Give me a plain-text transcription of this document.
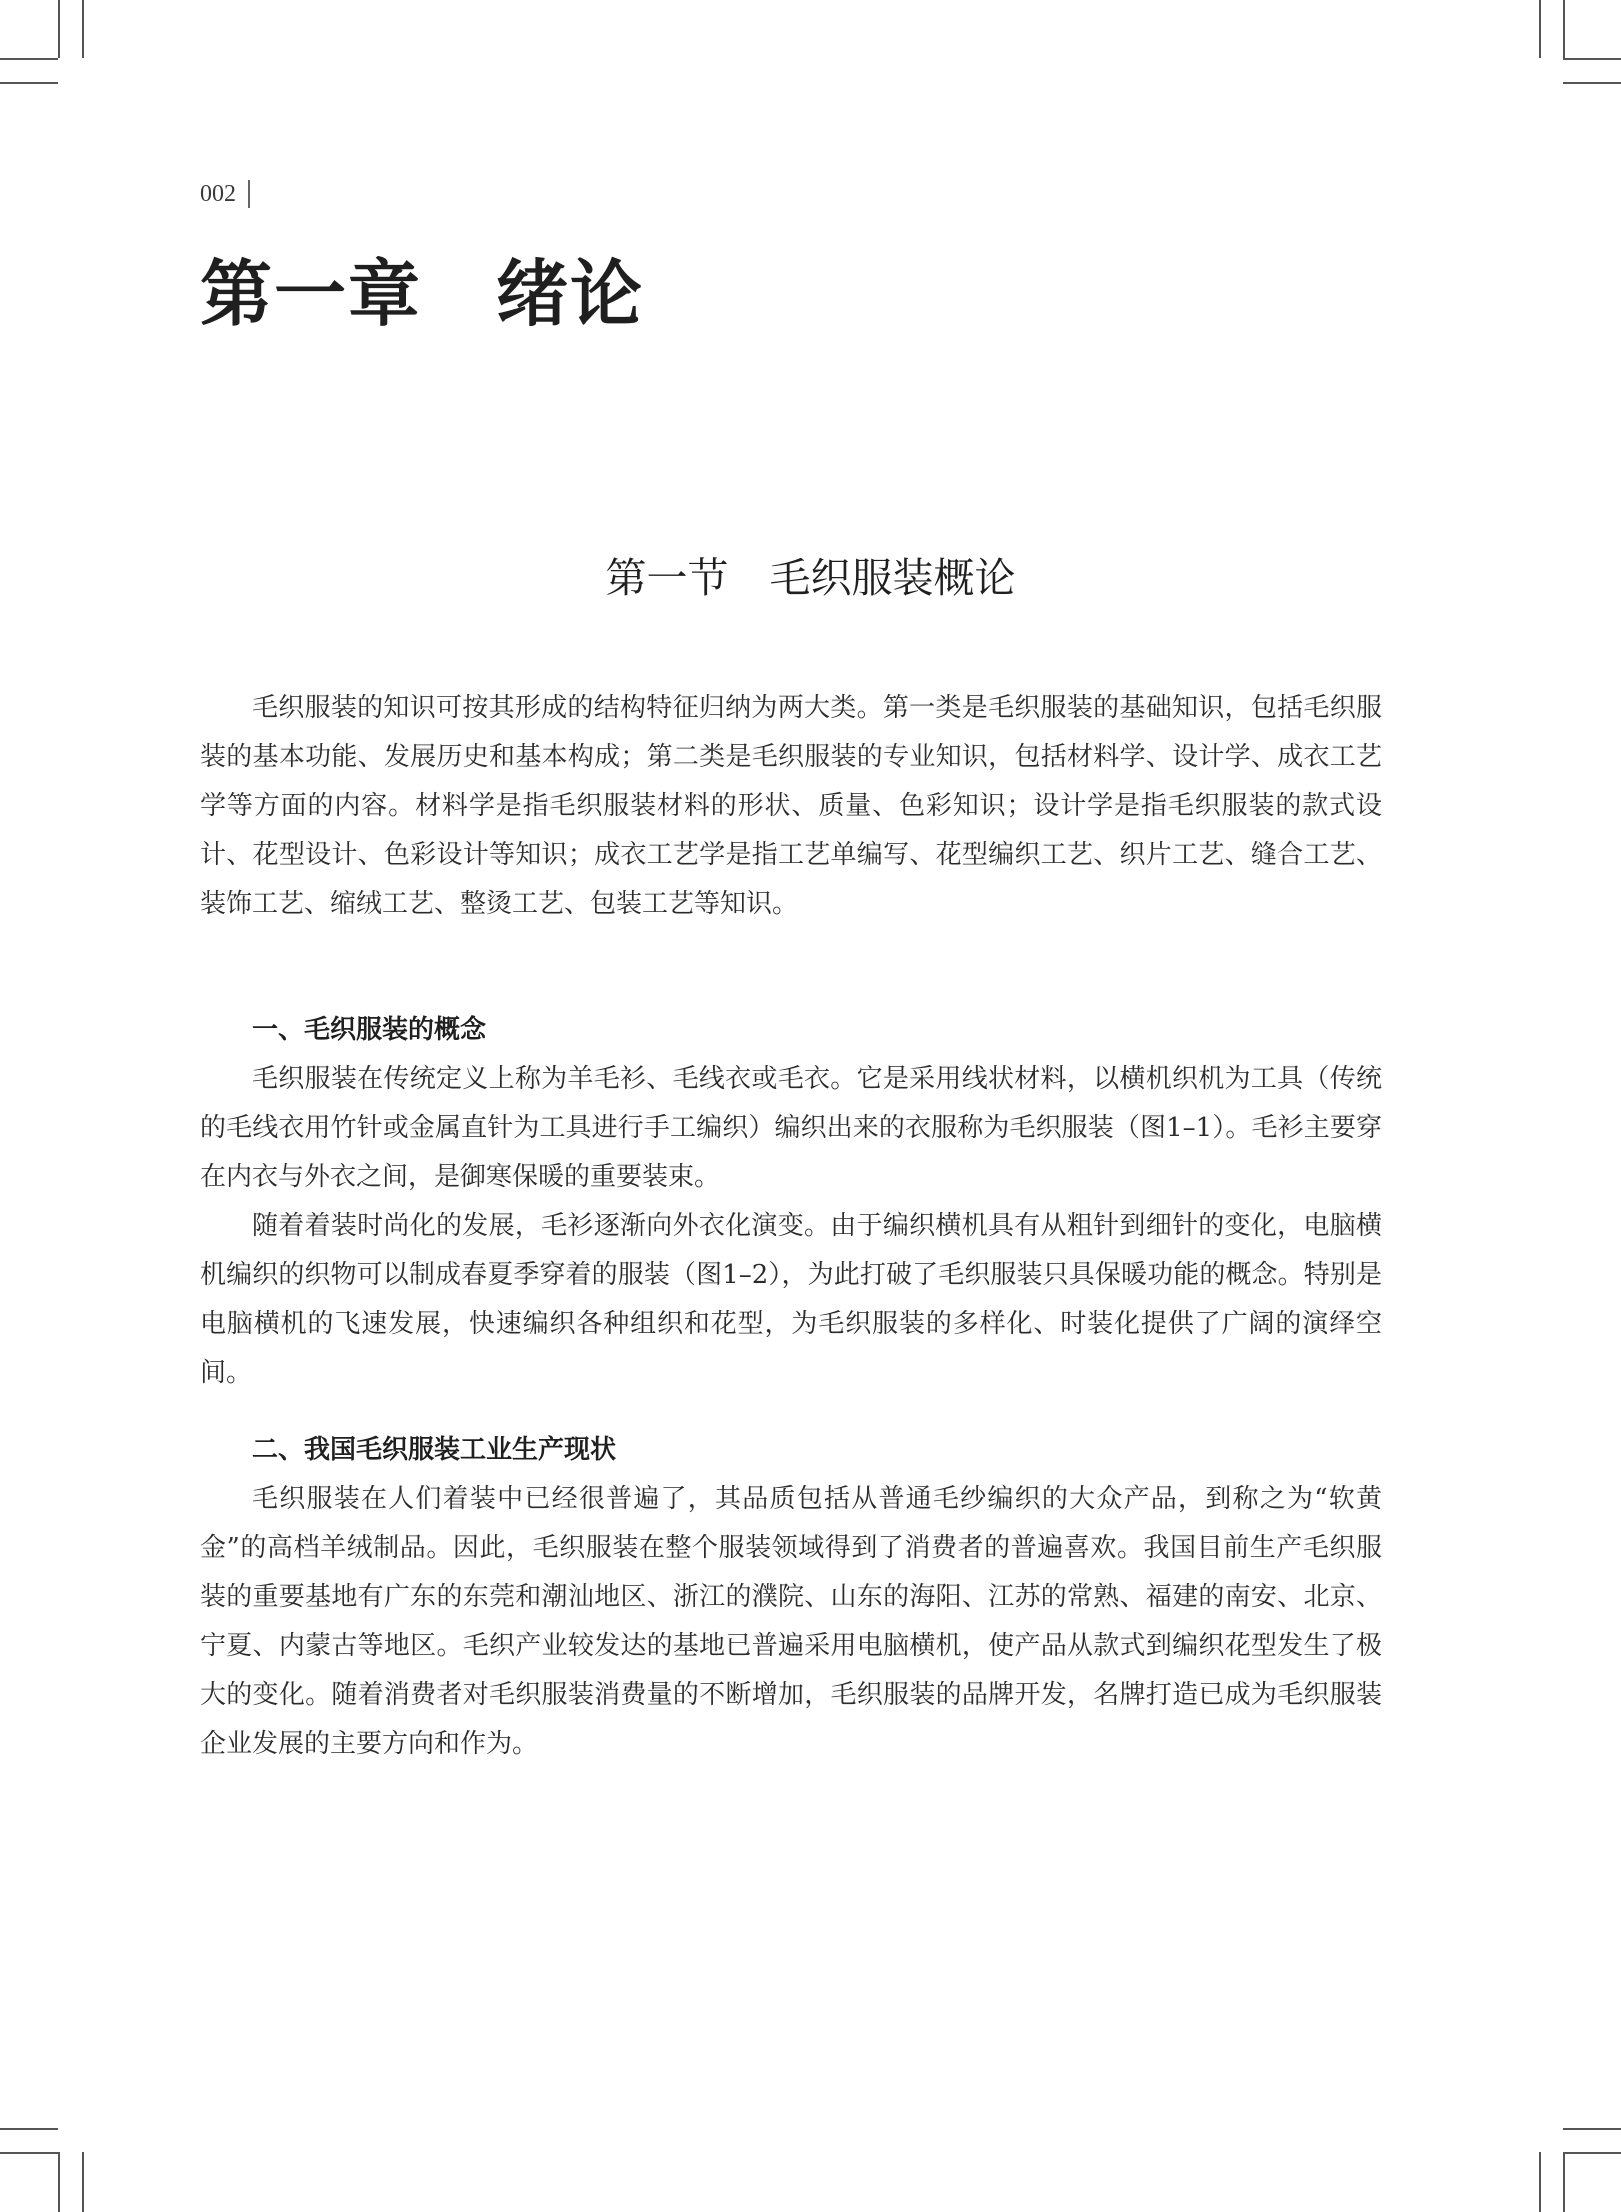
002
第一章　绪论
第一节　毛织服装概论

毛织服装的知识可按其形成的结构特征归纳为两大类。第一类是毛织服装的基础知识，包括毛织服装的基本功能、发展历史和基本构成；第二类是毛织服装的专业知识，包括材料学、设计学、成衣工艺学等方面的内容。材料学是指毛织服装材料的形状、质量、色彩知识；设计学是指毛织服装的款式设计、花型设计、色彩设计等知识；成衣工艺学是指工艺单编写、花型编织工艺、织片工艺、缝合工艺、装饰工艺、缩绒工艺、整烫工艺、包装工艺等知识。

一、毛织服装的概念

毛织服装在传统定义上称为羊毛衫、毛线衣或毛衣。它是采用线状材料，以横机织机为工具（传统的毛线衣用竹针或金属直针为工具进行手工编织）编织出来的衣服称为毛织服装（图1–1）。毛衫主要穿在内衣与外衣之间，是御寒保暖的重要装束。

随着着装时尚化的发展，毛衫逐渐向外衣化演变。由于编织横机具有从粗针到细针的变化，电脑横机编织的织物可以制成春夏季穿着的服装（图1–2），为此打破了毛织服装只具保暖功能的概念。特别是电脑横机的飞速发展，快速编织各种组织和花型，为毛织服装的多样化、时装化提供了广阔的演绎空间。

二、我国毛织服装工业生产现状

毛织服装在人们着装中已经很普遍了，其品质包括从普通毛纱编织的大众产品，到称之为“软黄金”的高档羊绒制品。因此，毛织服装在整个服装领域得到了消费者的普遍喜欢。我国目前生产毛织服装的重要基地有广东的东莞和潮汕地区、浙江的濮院、山东的海阳、江苏的常熟、福建的南安、北京、宁夏、内蒙古等地区。毛织产业较发达的基地已普遍采用电脑横机，使产品从款式到编织花型发生了极大的变化。随着消费者对毛织服装消费量的不断增加，毛织服装的品牌开发，名牌打造已成为毛织服装企业发展的主要方向和作为。
